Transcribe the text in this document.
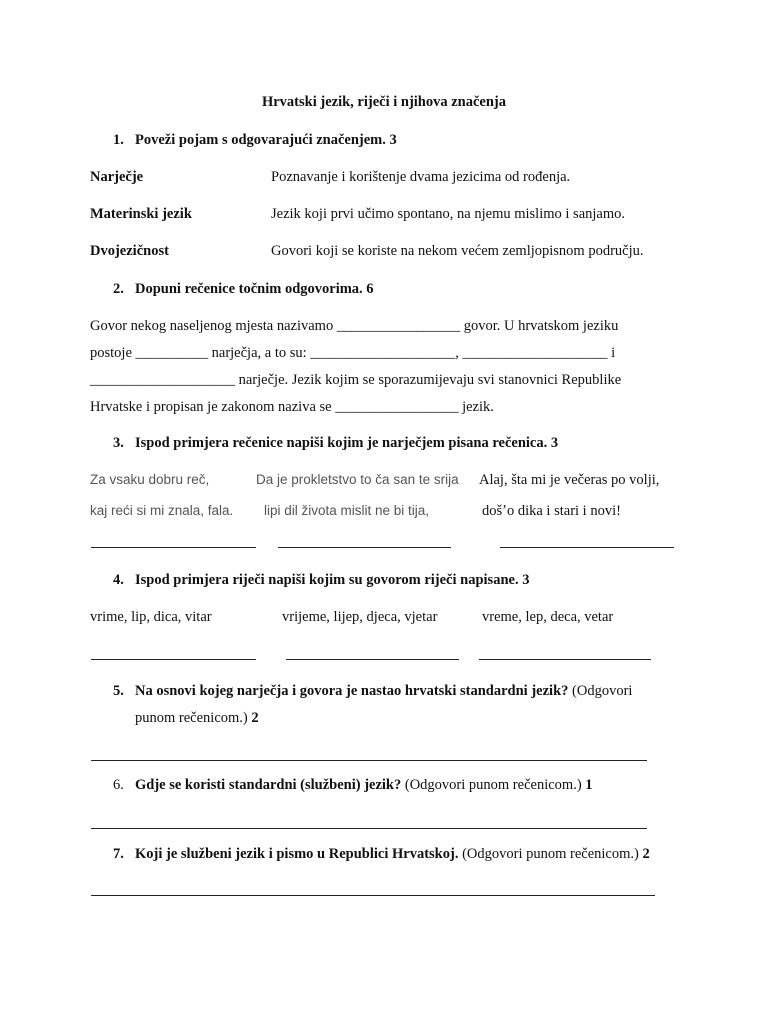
Hrvatski jezik, riječi i njihova značenja
1. Poveži pojam s odgovarajući značenjem. 3
Narječje	Poznavanje i korištenje dvama jezicima od rođenja.
Materinski jezik	Jezik koji prvi učimo spontano, na njemu mislimo i sanjamo.
Dvojezičnost	Govori koji se koriste na nekom većem zemljopisnom području.
2. Dopuni rečenice točnim odgovorima. 6
Govor nekog naseljenog mjesta nazivamo _________________ govor. U hrvatskom jeziku
postoje __________ narječja, a to su: ____________________, ____________________ i
____________________ narječje. Jezik kojim se sporazumijevaju svi stanovnici Republike
Hrvatske i propisan je zakonom naziva se _________________ jezik.
3. Ispod primjera rečenice napiši kojim je narječjem pisana rečenica. 3
Za vsaku dobru reč,
kaj reći si mi znala, fala.
Da je prokletstvo to ča san te srija
lipi dil života mislit ne bi tija,
Alaj, šta mi je večeras po volji,
došʼo dika i stari i novi!
4. Ispod primjera riječi napiši kojim su govorom riječi napisane. 3
vrime, lip, dica, vitar	vrijeme, lijep, djeca, vjetar	vreme, lep, deca, vetar
5. Na osnovi kojeg narječja i govora je nastao hrvatski standardni jezik? (Odgovori
punom rečenicom.) 2
6. Gdje se koristi standardni (službeni) jezik? (Odgovori punom rečenicom.) 1
7. Koji je službeni jezik i pismo u Republici Hrvatskoj. (Odgovori punom rečenicom.) 2
